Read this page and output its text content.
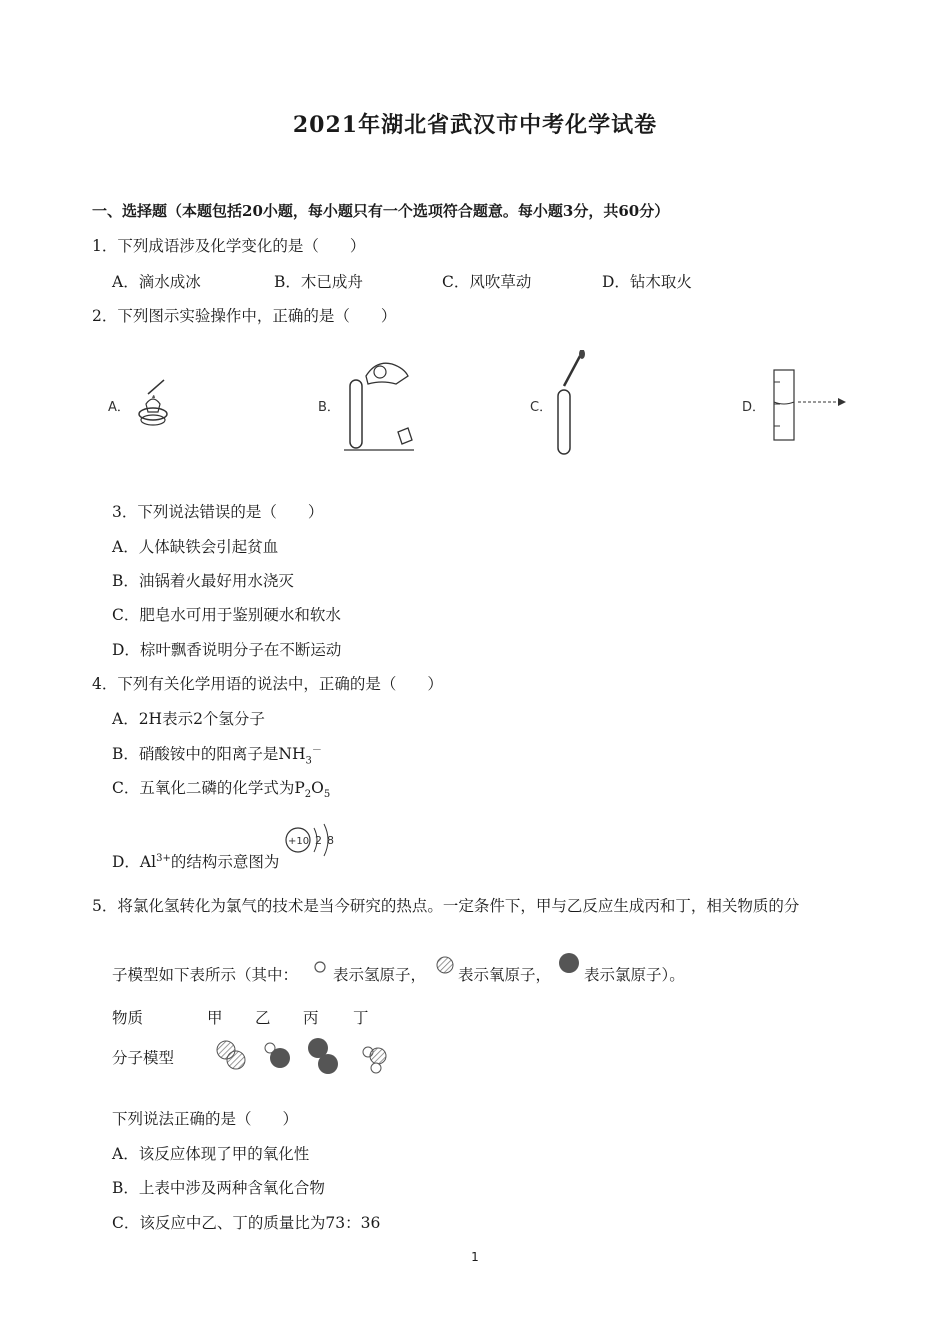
2021年湖北省武汉市中考化学试卷
一、选择题（本题包括20小题，每小题只有一个选项符合题意。每小题3分，共60分）
1．下列成语涉及化学变化的是（　　）
A．滴水成冰	B．木已成舟	C．风吹草动	D．钻木取火
2．下列图示实验操作中，正确的是（　　）
A．	B．	C．	D．
3．下列说法错误的是（　　）
A．人体缺铁会引起贫血
B．油锅着火最好用水浇灭
C．肥皂水可用于鉴别硬水和软水
D．棕叶飘香说明分子在不断运动
4．下列有关化学用语的说法中，正确的是（　　）
A．2H表示2个氢分子
B．硝酸铵中的阳离子是$NH_3^-$
C．五氧化二磷的化学式为$P_2O_5$
D．$Al^{3+}$的结构示意图为
+10 2 8
5．将氯化氢转化为氯气的技术是当今研究的热点。一定条件下，甲与乙反应生成丙和丁，相关物质的分
子模型如下表所示（其中： 表示氢原子， 表示氧原子， 表示氯原子）。
物质	甲 乙 丙 丁
分子模型
下列说法正确的是（　　）
A．该反应体现了甲的氧化性
B．上表中涉及两种含氧化合物
C．该反应中乙、丁的质量比为73：36
1
